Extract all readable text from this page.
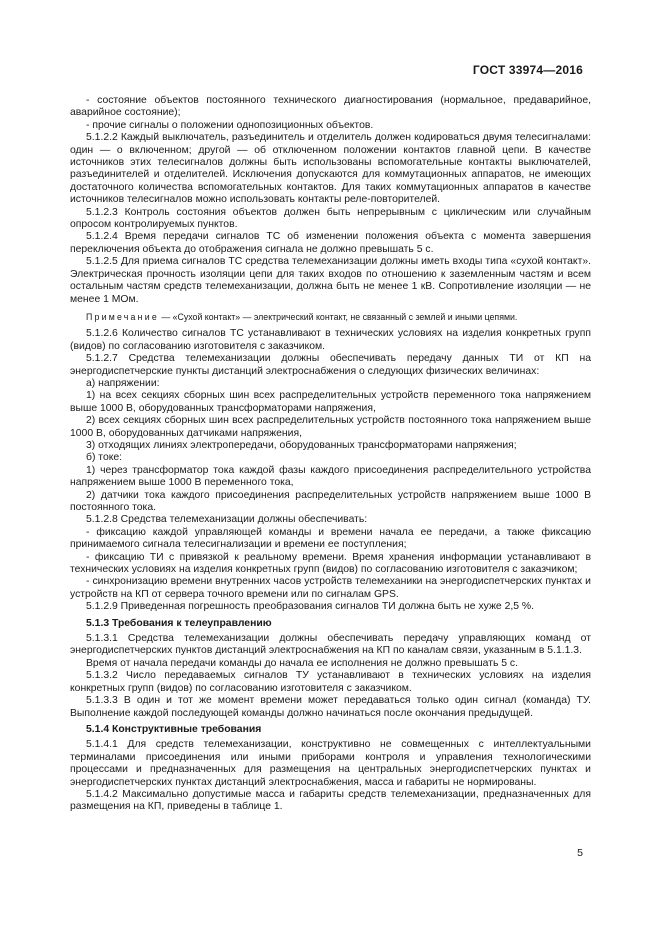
ГОСТ 33974—2016

- состояние объектов постоянного технического диагностирования (нормальное, предаварийное, аварийное состояние);

- прочие сигналы о положении однопозиционных объектов.

5.1.2.2 Каждый выключатель, разъединитель и отделитель должен кодироваться двумя телесигналами: один — о включенном; другой — об отключенном положении контактов главной цепи. В качестве источников этих телесигналов должны быть использованы вспомогательные контакты выключателей, разъединителей и отделителей. Исключения допускаются для коммутационных аппаратов, не имеющих достаточного количества вспомогательных контактов. Для таких коммутационных аппаратов в качестве источников телесигналов можно использовать контакты реле-повторителей.

5.1.2.3 Контроль состояния объектов должен быть непрерывным с циклическим или случайным опросом контролируемых пунктов.

5.1.2.4 Время передачи сигналов ТС об изменении положения объекта с момента завершения переключения объекта до отображения сигнала не должно превышать 5 с.

5.1.2.5 Для приема сигналов ТС средства телемеханизации должны иметь входы типа «сухой контакт». Электрическая прочность изоляции цепи для таких входов по отношению к заземленным частям и всем остальным частям средств телемеханизации, должна быть не менее 1 кВ. Сопротивление изоляции — не менее 1 МОм.

Примечание — «Сухой контакт» — электрический контакт, не связанный с землей и иными цепями.

5.1.2.6 Количество сигналов ТС устанавливают в технических условиях на изделия конкретных групп (видов) по согласованию изготовителя с заказчиком.

5.1.2.7 Средства телемеханизации должны обеспечивать передачу данных ТИ от КП на энергодиспетчерские пункты дистанций электроснабжения о следующих физических величинах:

а) напряжении:

1) на всех секциях сборных шин всех распределительных устройств переменного тока напряжением выше 1000 В, оборудованных трансформаторами напряжения,

2) всех секциях сборных шин всех распределительных устройств постоянного тока напряжением выше 1000 В, оборудованных датчиками напряжения,

3) отходящих линиях электропередачи, оборудованных трансформаторами напряжения;

б) токе:

1) через трансформатор тока каждой фазы каждого присоединения распределительного устройства напряжением выше 1000 В переменного тока,

2) датчики тока каждого присоединения распределительных устройств напряжением выше 1000 В постоянного тока.

5.1.2.8 Средства телемеханизации должны обеспечивать:

- фиксацию каждой управляющей команды и времени начала ее передачи, а также фиксацию принимаемого сигнала телесигнализации и времени ее поступления;

- фиксацию ТИ с привязкой к реальному времени. Время хранения информации устанавливают в технических условиях на изделия конкретных групп (видов) по согласованию изготовителя с заказчиком;

- синхронизацию времени внутренних часов устройств телемеханики на энергодиспетчерских пунктах и устройств на КП от сервера точного времени или по сигналам GPS.

5.1.2.9 Приведенная погрешность преобразования сигналов ТИ должна быть не хуже 2,5 %.

5.1.3 Требования к телеуправлению

5.1.3.1 Средства телемеханизации должны обеспечивать передачу управляющих команд от энергодиспетчерских пунктов дистанций электроснабжения на КП по каналам связи, указанным в 5.1.1.3.

Время от начала передачи команды до начала ее исполнения не должно превышать 5 с.

5.1.3.2 Число передаваемых сигналов ТУ устанавливают в технических условиях на изделия конкретных групп (видов) по согласованию изготовителя с заказчиком.

5.1.3.3 В один и тот же момент времени может передаваться только один сигнал (команда) ТУ. Выполнение каждой последующей команды должно начинаться после окончания предыдущей.

5.1.4 Конструктивные требования

5.1.4.1 Для средств телемеханизации, конструктивно не совмещенных с интеллектуальными терминалами присоединения или иными приборами контроля и управления технологическими процессами и предназначенных для размещения на центральных энергодиспетчерских пунктах и энергодиспетчерских пунктах дистанций электроснабжения, масса и габариты не нормированы.

5.1.4.2 Максимально допустимые масса и габариты средств телемеханизации, предназначенных для размещения на КП, приведены в таблице 1.

5
